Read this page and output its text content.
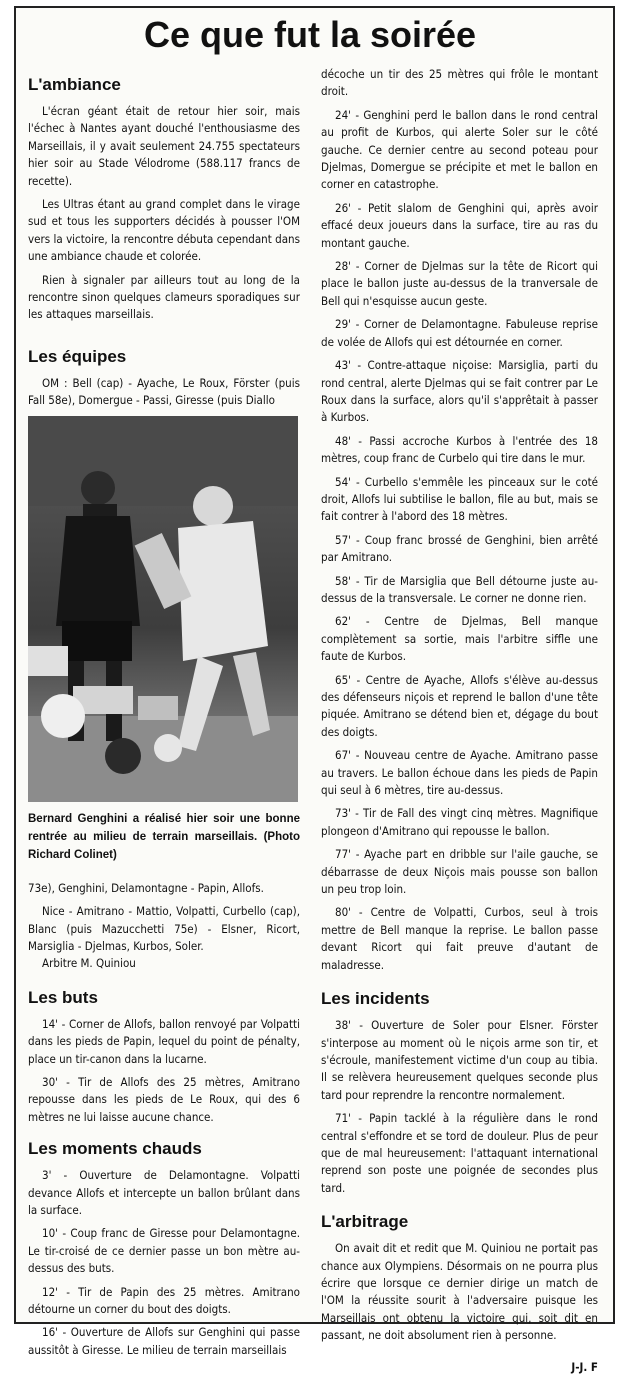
Ce que fut la soirée
L'ambiance

L'écran géant était de retour hier soir, mais l'échec à Nantes ayant douché l'enthousiasme des Marseillais, il y avait seulement 24.755 spectateurs hier soir au Stade Vélodrome (588.117 francs de recette).

Les Ultras étant au grand complet dans le virage sud et tous les supporters décidés à pousser l'OM vers la victoire, la rencontre débuta cependant dans une ambiance chaude et colorée.

Rien à signaler par ailleurs tout au long de la rencontre sinon quelques clameurs sporadiques sur les attaques marseillais.

Les équipes

OM : Bell (cap) - Ayache, Le Roux, Förster (puis Fall 58e), Domergue - Passi, Giresse (puis Diallo

Bernard Genghini a réalisé hier soir une bonne rentrée au milieu de terrain marseillais. (Photo Richard Colinet)

73e), Genghini, Delamontagne - Papin, Allofs.

Nice - Amitrano - Mattio, Volpatti, Curbello (cap), Blanc (puis Mazucchetti 75e) - Elsner, Ricort, Marsiglia - Djelmas, Kurbos, Soler.

Arbitre M. Quiniou

Les buts

14' - Corner de Allofs, ballon renvoyé par Volpatti dans les pieds de Papin, lequel du point de pénalty, place un tir-canon dans la lucarne.

30' - Tir de Allofs des 25 mètres, Amitrano repousse dans les pieds de Le Roux, qui des 6 mètres ne lui laisse aucune chance.

Les moments chauds

3' - Ouverture de Delamontagne. Volpatti devance Allofs et intercepte un ballon brûlant dans la surface.

10' - Coup franc de Giresse pour Delamontagne. Le tir-croisé de ce dernier passe un bon mètre au-dessus des buts.

12' - Tir de Papin des 25 mètres. Amitrano détourne un corner du bout des doigts.

16' - Ouverture de Allofs sur Genghini qui passe aussitôt à Giresse. Le milieu de terrain marseillais

décoche un tir des 25 mètres qui frôle le montant droit.

24' - Genghini perd le ballon dans le rond central au profit de Kurbos, qui alerte Soler sur le côté gauche. Ce dernier centre au second poteau pour Djelmas, Domergue se précipite et met le ballon en corner en catastrophe.

26' - Petit slalom de Genghini qui, après avoir effacé deux joueurs dans la surface, tire au ras du montant gauche.

28' - Corner de Djelmas sur la tête de Ricort qui place le ballon juste au-dessus de la tranversale de Bell qui n'esquisse aucun geste.

29' - Corner de Delamontagne. Fabuleuse reprise de volée de Allofs qui est détournée en corner.

43' - Contre-attaque niçoise: Marsiglia, parti du rond central, alerte Djelmas qui se fait contrer par Le Roux dans la surface, alors qu'il s'apprêtait à passer à Kurbos.

48' - Passi accroche Kurbos à l'entrée des 18 mètres, coup franc de Curbelo qui tire dans le mur.

54' - Curbello s'emmêle les pinceaux sur le coté droit, Allofs lui subtilise le ballon, file au but, mais se fait contrer à l'abord des 18 mètres.

57' - Coup franc brossé de Genghini, bien arrêté par Amitrano.

58' - Tir de Marsiglia que Bell détourne juste au-dessus de la transversale. Le corner ne donne rien.

62' - Centre de Djelmas, Bell manque complètement sa sortie, mais l'arbitre siffle une faute de Kurbos.

65' - Centre de Ayache, Allofs s'élève au-dessus des défenseurs niçois et reprend le ballon d'une tête piquée. Amitrano se détend bien et, dégage du bout des doigts.

67' - Nouveau centre de Ayache. Amitrano passe au travers. Le ballon échoue dans les pieds de Papin qui seul à 6 mètres, tire au-dessus.

73' - Tir de Fall des vingt cinq mètres. Magnifique plongeon d'Amitrano qui repousse le ballon.

77' - Ayache part en dribble sur l'aile gauche, se débarrasse de deux Niçois mais pousse son ballon un peu trop loin.

80' - Centre de Volpatti, Curbos, seul à trois mettre de Bell manque la reprise. Le ballon passe devant Ricort qui fait preuve d'autant de maladresse.

Les incidents

38' - Ouverture de Soler pour Elsner. Förster s'interpose au moment où le niçois arme son tir, et s'écroule, manifestement victime d'un coup au tibia. Il se relèvera heureusement quelques seconde plus tard pour reprendre la rencontre normalement.

71' - Papin tacklé à la régulière dans le rond central s'effondre et se tord de douleur. Plus de peur que de mal heureusement: l'attaquant international reprend son poste une poignée de secondes plus tard.

L'arbitrage

On avait dit et redit que M. Quiniou ne portait pas chance aux Olympiens. Désormais on ne pourra plus écrire que lorsque ce dernier dirige un match de l'OM la réussite sourit à l'adversaire puisque les Marseillais ont obtenu la victoire qui, soit dit en passant, ne doit absolument rien à personne.

J-J. F
